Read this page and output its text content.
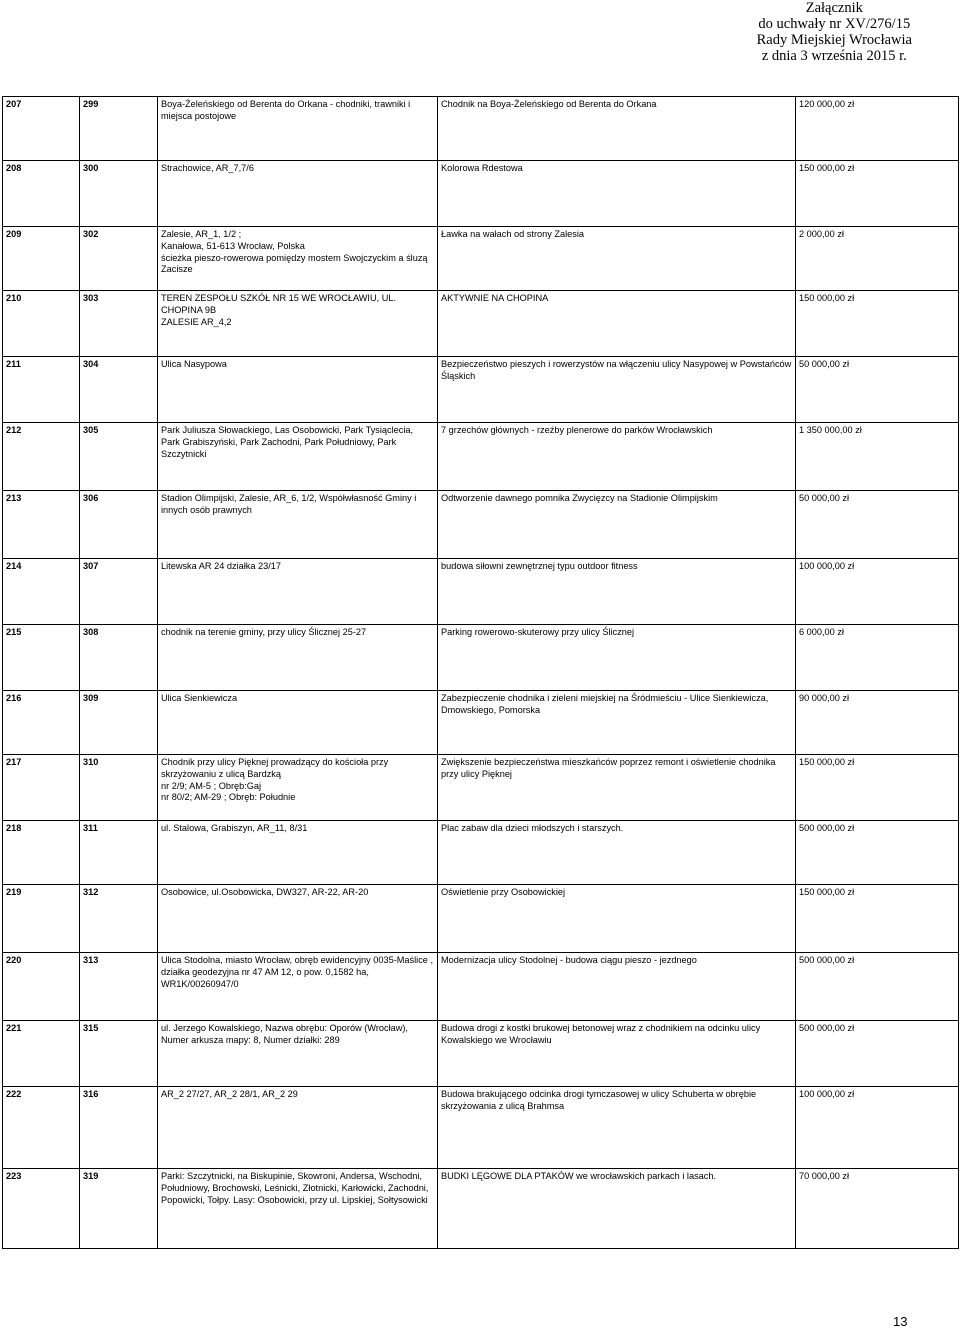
Załącznik
do uchwały nr XV/276/15
Rady Miejskiej Wrocławia
z dnia 3 września 2015 r.
207	299	Boya-Żeleńskiego od Berenta do Orkana - chodniki, trawniki i miejsca postojowe	Chodnik na Boya-Żeleńskiego od Berenta do Orkana	120 000,00 zł
208	300	Strachowice, AR_7,7/6	Kolorowa Rdestowa	150 000,00 zł
209	302	Zalesie, AR_1, 1/2 ;
Kanałowa, 51-613 Wrocław, Polska
ścieżka pieszo-rowerowa pomiędzy mostem Swojczyckim a śluzą Zacisze	Ławka na wałach od strony Zalesia	2 000,00 zł
210	303	TEREN ZESPOŁU SZKÓŁ NR 15 WE WROCŁAWIU, UL. CHOPINA 9B
ZALESIE AR_4,2	AKTYWNIE NA CHOPINA	150 000,00 zł
211	304	Ulica Nasypowa	Bezpieczeństwo pieszych i rowerzystów na włączeniu ulicy Nasypowej w Powstańców Śląskich	50 000,00 zł
212	305	Park Juliusza Słowackiego, Las Osobowicki, Park Tysiąclecia, Park Grabiszyński, Park Zachodni, Park Południowy, Park Szczytnicki	7 grzechów głównych - rzeźby plenerowe do parków Wrocławskich	1 350 000,00 zł
213	306	Stadion Olimpijski, Zalesie, AR_6, 1/2, Współwłasność Gminy i innych osób prawnych	Odtworzenie dawnego pomnika Zwycięzcy na Stadionie Olimpijskim	50 000,00 zł
214	307	Litewska AR 24 działka 23/17	budowa siłowni zewnętrznej typu outdoor fitness	100 000,00 zł
215	308	chodnik na terenie gminy, przy ulicy Ślicznej 25-27	Parking rowerowo-skuterowy przy ulicy Ślicznej	6 000,00 zł
216	309	Ulica Sienkiewicza	Zabezpieczenie chodnika i zieleni miejskiej na Śródmieściu - Ulice Sienkiewicza, Dmowskiego, Pomorska	90 000,00 zł
217	310	Chodnik przy ulicy Pięknej prowadzący do kościoła przy skrzyżowaniu z ulicą Bardzką
nr 2/9; AM-5 ; Obręb:Gaj
nr 80/2; AM-29 ; Obręb: Południe	Zwiększenie bezpieczeństwa mieszkańców poprzez remont i oświetlenie chodnika przy ulicy Pięknej	150 000,00 zł
218	311	ul. Stalowa, Grabiszyn, AR_11, 8/31	Plac zabaw dla dzieci młodszych i starszych.	500 000,00 zł
219	312	Osobowice, ul.Osobowicka, DW327, AR-22, AR-20	Oświetlenie przy Osobowickiej	150 000,00 zł
220	313	Ulica Stodolna, miasto Wrocław, obręb ewidencyjny 0035-Maślice , działka geodezyjna nr 47 AM 12, o pow. 0,1582 ha, WR1K/00260947/0	Modernizacja ulicy Stodolnej - budowa ciągu pieszo - jezdnego	500 000,00 zł
221	315	ul. Jerzego Kowalskiego, Nazwa obrębu: Oporów (Wrocław), Numer arkusza mapy: 8, Numer działki: 289	Budowa drogi z kostki brukowej betonowej wraz z chodnikiem na odcinku ulicy Kowalskiego we Wrocławiu	500 000,00 zł
222	316	AR_2 27/27, AR_2 28/1, AR_2 29	Budowa brakującego odcinka drogi tymczasowej w ulicy Schuberta w obrębie skrzyżowania z ulicą Brahmsa	100 000,00 zł
223	319	Parki: Szczytnicki, na Biskupinie, Skowroni, Andersa, Wschodni, Południowy, Brochowski, Leśnicki, Złotnicki, Karłowicki, Zachodni, Popowicki, Tołpy. Lasy: Osobowicki, przy ul. Lipskiej, Sołtysowicki	BUDKI LĘGOWE DLA PTAKÓW we wrocławskich parkach i lasach.	70 000,00 zł
13
